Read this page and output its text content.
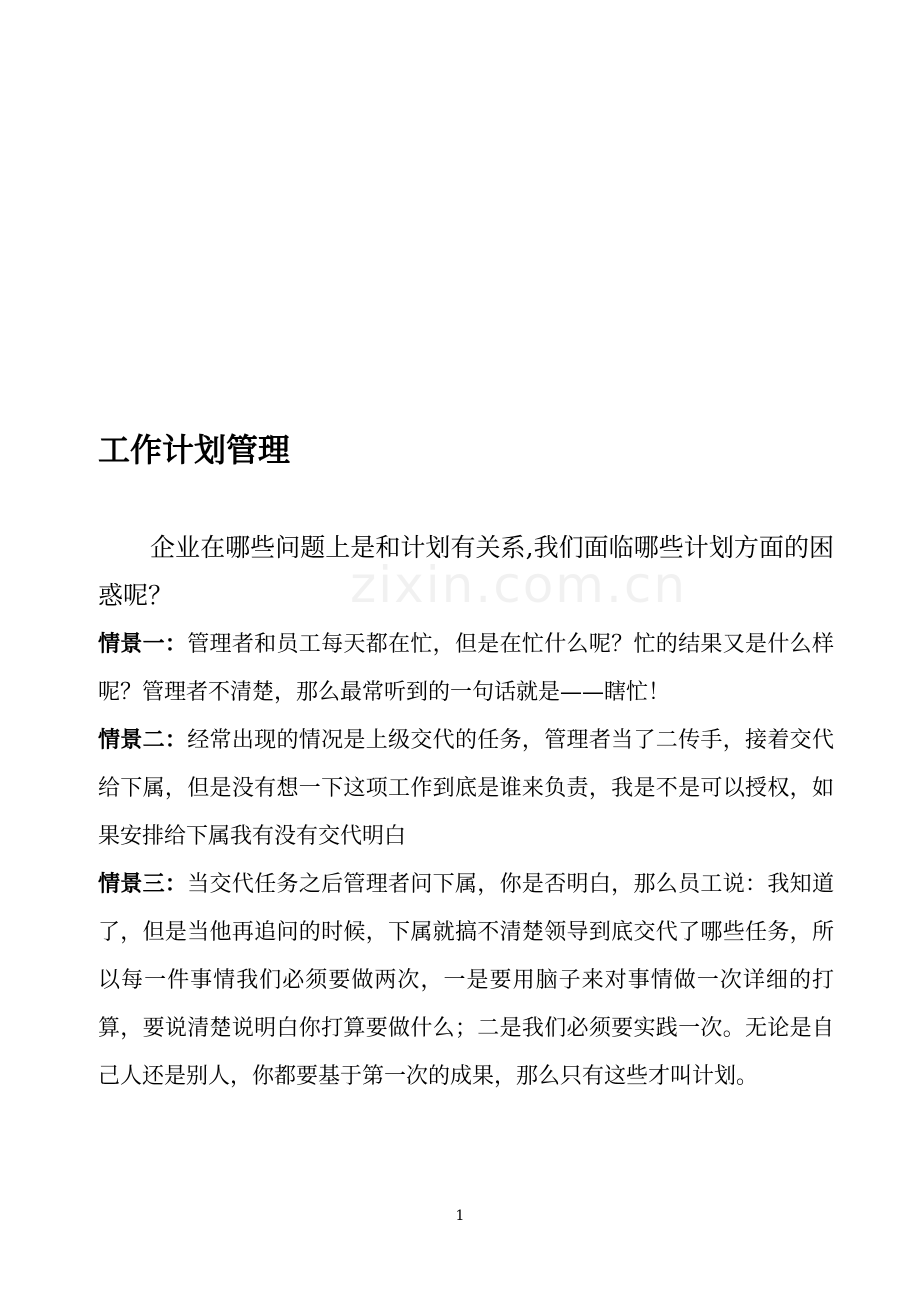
zixin.com.cn
工作计划管理

企业在哪些问题上是和计划有关系,我们面临哪些计划方面的困惑呢？

情景一：管理者和员工每天都在忙，但是在忙什么呢？忙的结果又是什么样呢？管理者不清楚，那么最常听到的一句话就是——瞎忙！

情景二：经常出现的情况是上级交代的任务，管理者当了二传手，接着交代给下属，但是没有想一下这项工作到底是谁来负责，我是不是可以授权，如果安排给下属我有没有交代明白

情景三：当交代任务之后管理者问下属，你是否明白，那么员工说：我知道了，但是当他再追问的时候，下属就搞不清楚领导到底交代了哪些任务，所以每一件事情我们必须要做两次，一是要用脑子来对事情做一次详细的打算，要说清楚说明白你打算要做什么；二是我们必须要实践一次。无论是自己人还是别人，你都要基于第一次的成果，那么只有这些才叫计划。

1
